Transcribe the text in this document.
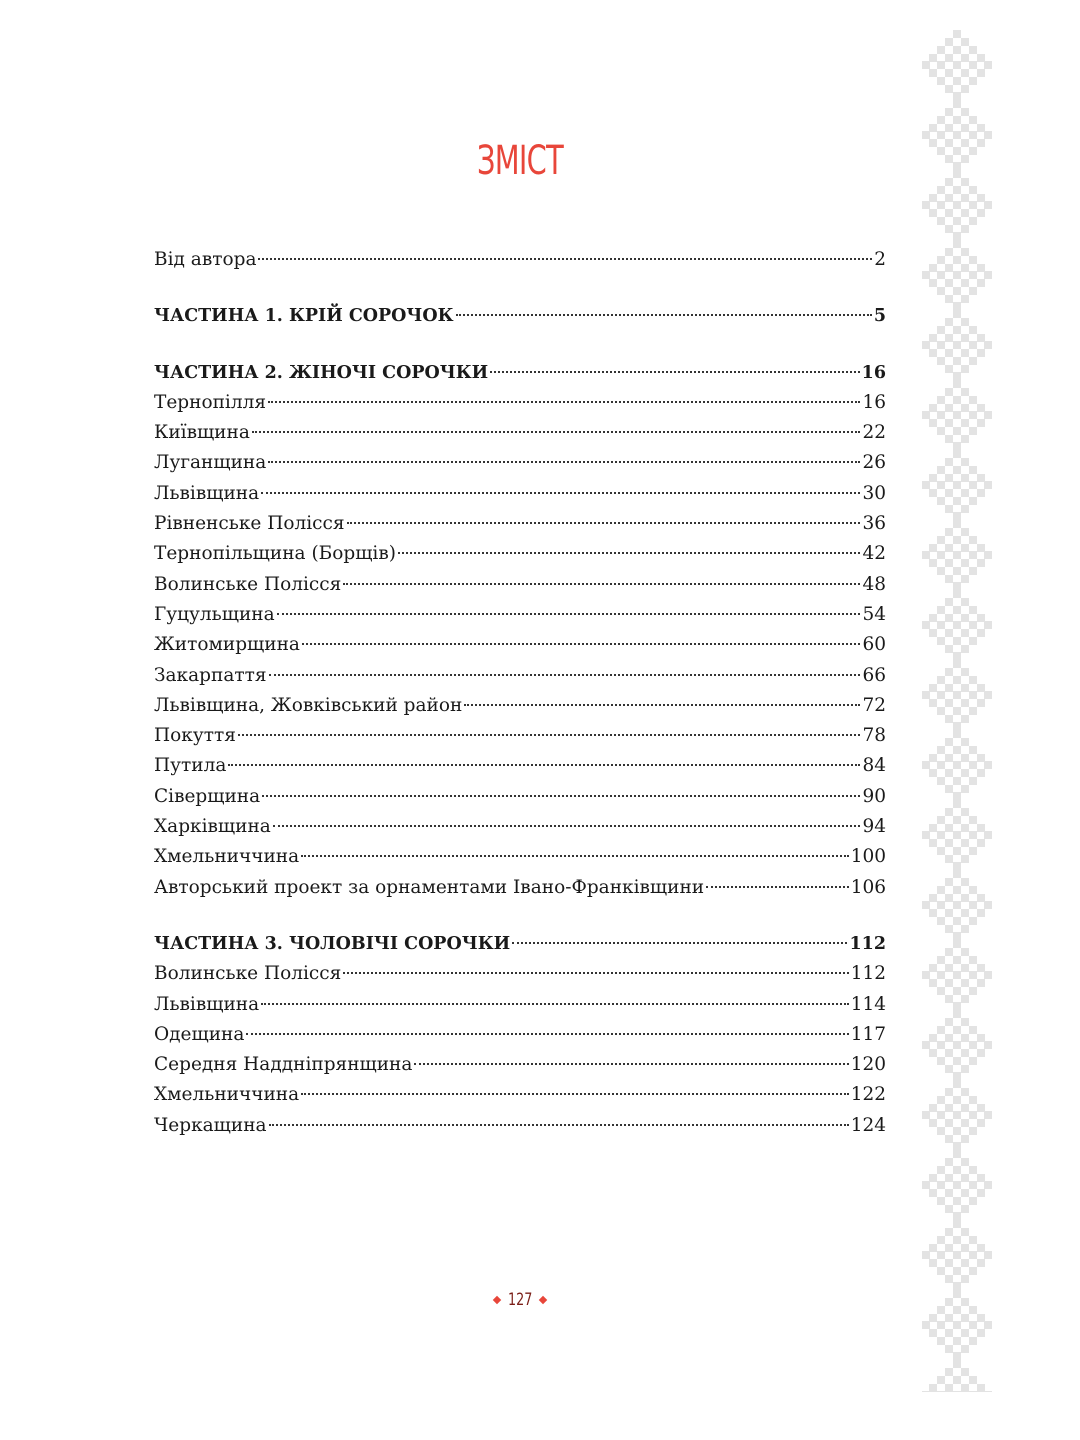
ЗМІСТ
Від автора	2
ЧАСТИНА 1. КРІЙ СОРОЧОК	5
ЧАСТИНА 2. ЖІНОЧІ СОРОЧКИ	16
Тернопілля	16
Київщина	22
Луганщина	26
Львівщина	30
Рівненське Полісся	36
Тернопільщина (Борщів)	42
Волинське Полісся	48
Гуцульщина	54
Житомирщина	60
Закарпаття	66
Львівщина, Жовківський район	72
Покуття	78
Путила	84
Сіверщина	90
Харківщина	94
Хмельниччина	100
Авторський проект за орнаментами Івано-Франківщини	106
ЧАСТИНА 3. ЧОЛОВІЧІ СОРОЧКИ	112
Волинське Полісся	112
Львівщина	114
Одещина	117
Середня Наддніпрянщина	120
Хмельниччина	122
Черкащина	124
127
